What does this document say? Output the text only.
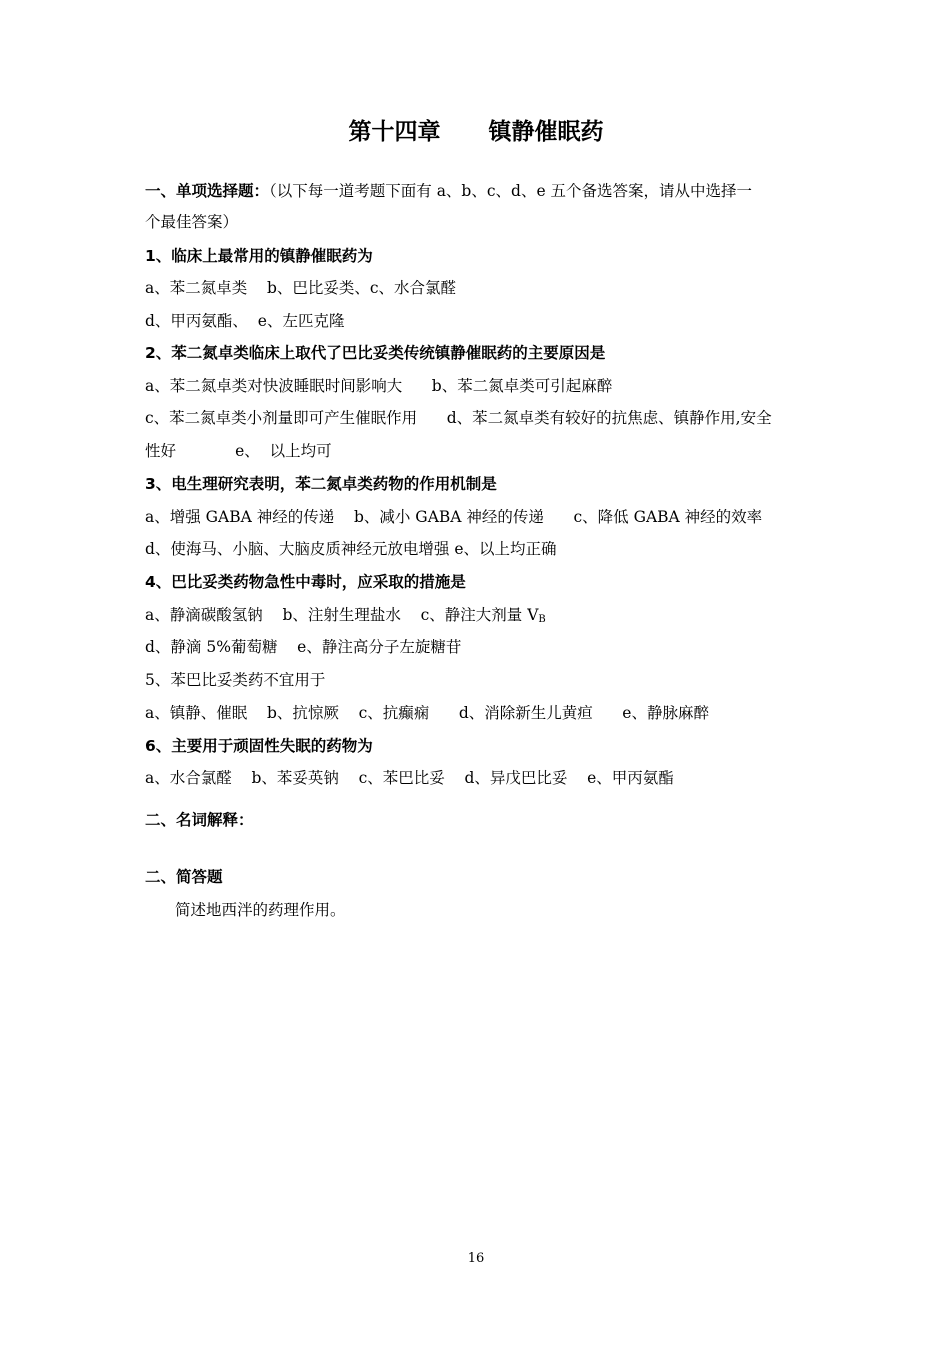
第十四章      镇静催眠药
一、单项选择题：（以下每一道考题下面有 a、b、c、d、e 五个备选答案，请从中选择一
个最佳答案）
1、临床上最常用的镇静催眠药为
a、苯二氮卓类    b、巴比妥类、c、水合氯醛
d、甲丙氨酯、  e、左匹克隆
2、苯二氮卓类临床上取代了巴比妥类传统镇静催眠药的主要原因是
a、苯二氮卓类对快波睡眠时间影响大      b、苯二氮卓类可引起麻醉
c、苯二氮卓类小剂量即可产生催眠作用      d、苯二氮卓类有较好的抗焦虑、镇静作用,安全
性好            e、  以上均可
3、电生理研究表明，苯二氮卓类药物的作用机制是
a、增强 GABA 神经的传递    b、减小 GABA 神经的传递      c、降低 GABA 神经的效率
d、使海马、小脑、大脑皮质神经元放电增强 e、以上均正确
4、巴比妥类药物急性中毒时，应采取的措施是
a、静滴碳酸氢钠    b、注射生理盐水    c、静注大剂量 VB
d、静滴 5%葡萄糖    e、静注高分子左旋糖苷
5、苯巴比妥类药不宜用于
a、镇静、催眠    b、抗惊厥    c、抗癫痫      d、消除新生儿黄疸      e、静脉麻醉
6、主要用于顽固性失眠的药物为
a、水合氯醛    b、苯妥英钠    c、苯巴比妥    d、异戊巴比妥    e、甲丙氨酯
二、名词解释：
二、简答题
简述地西泮的药理作用。
16
